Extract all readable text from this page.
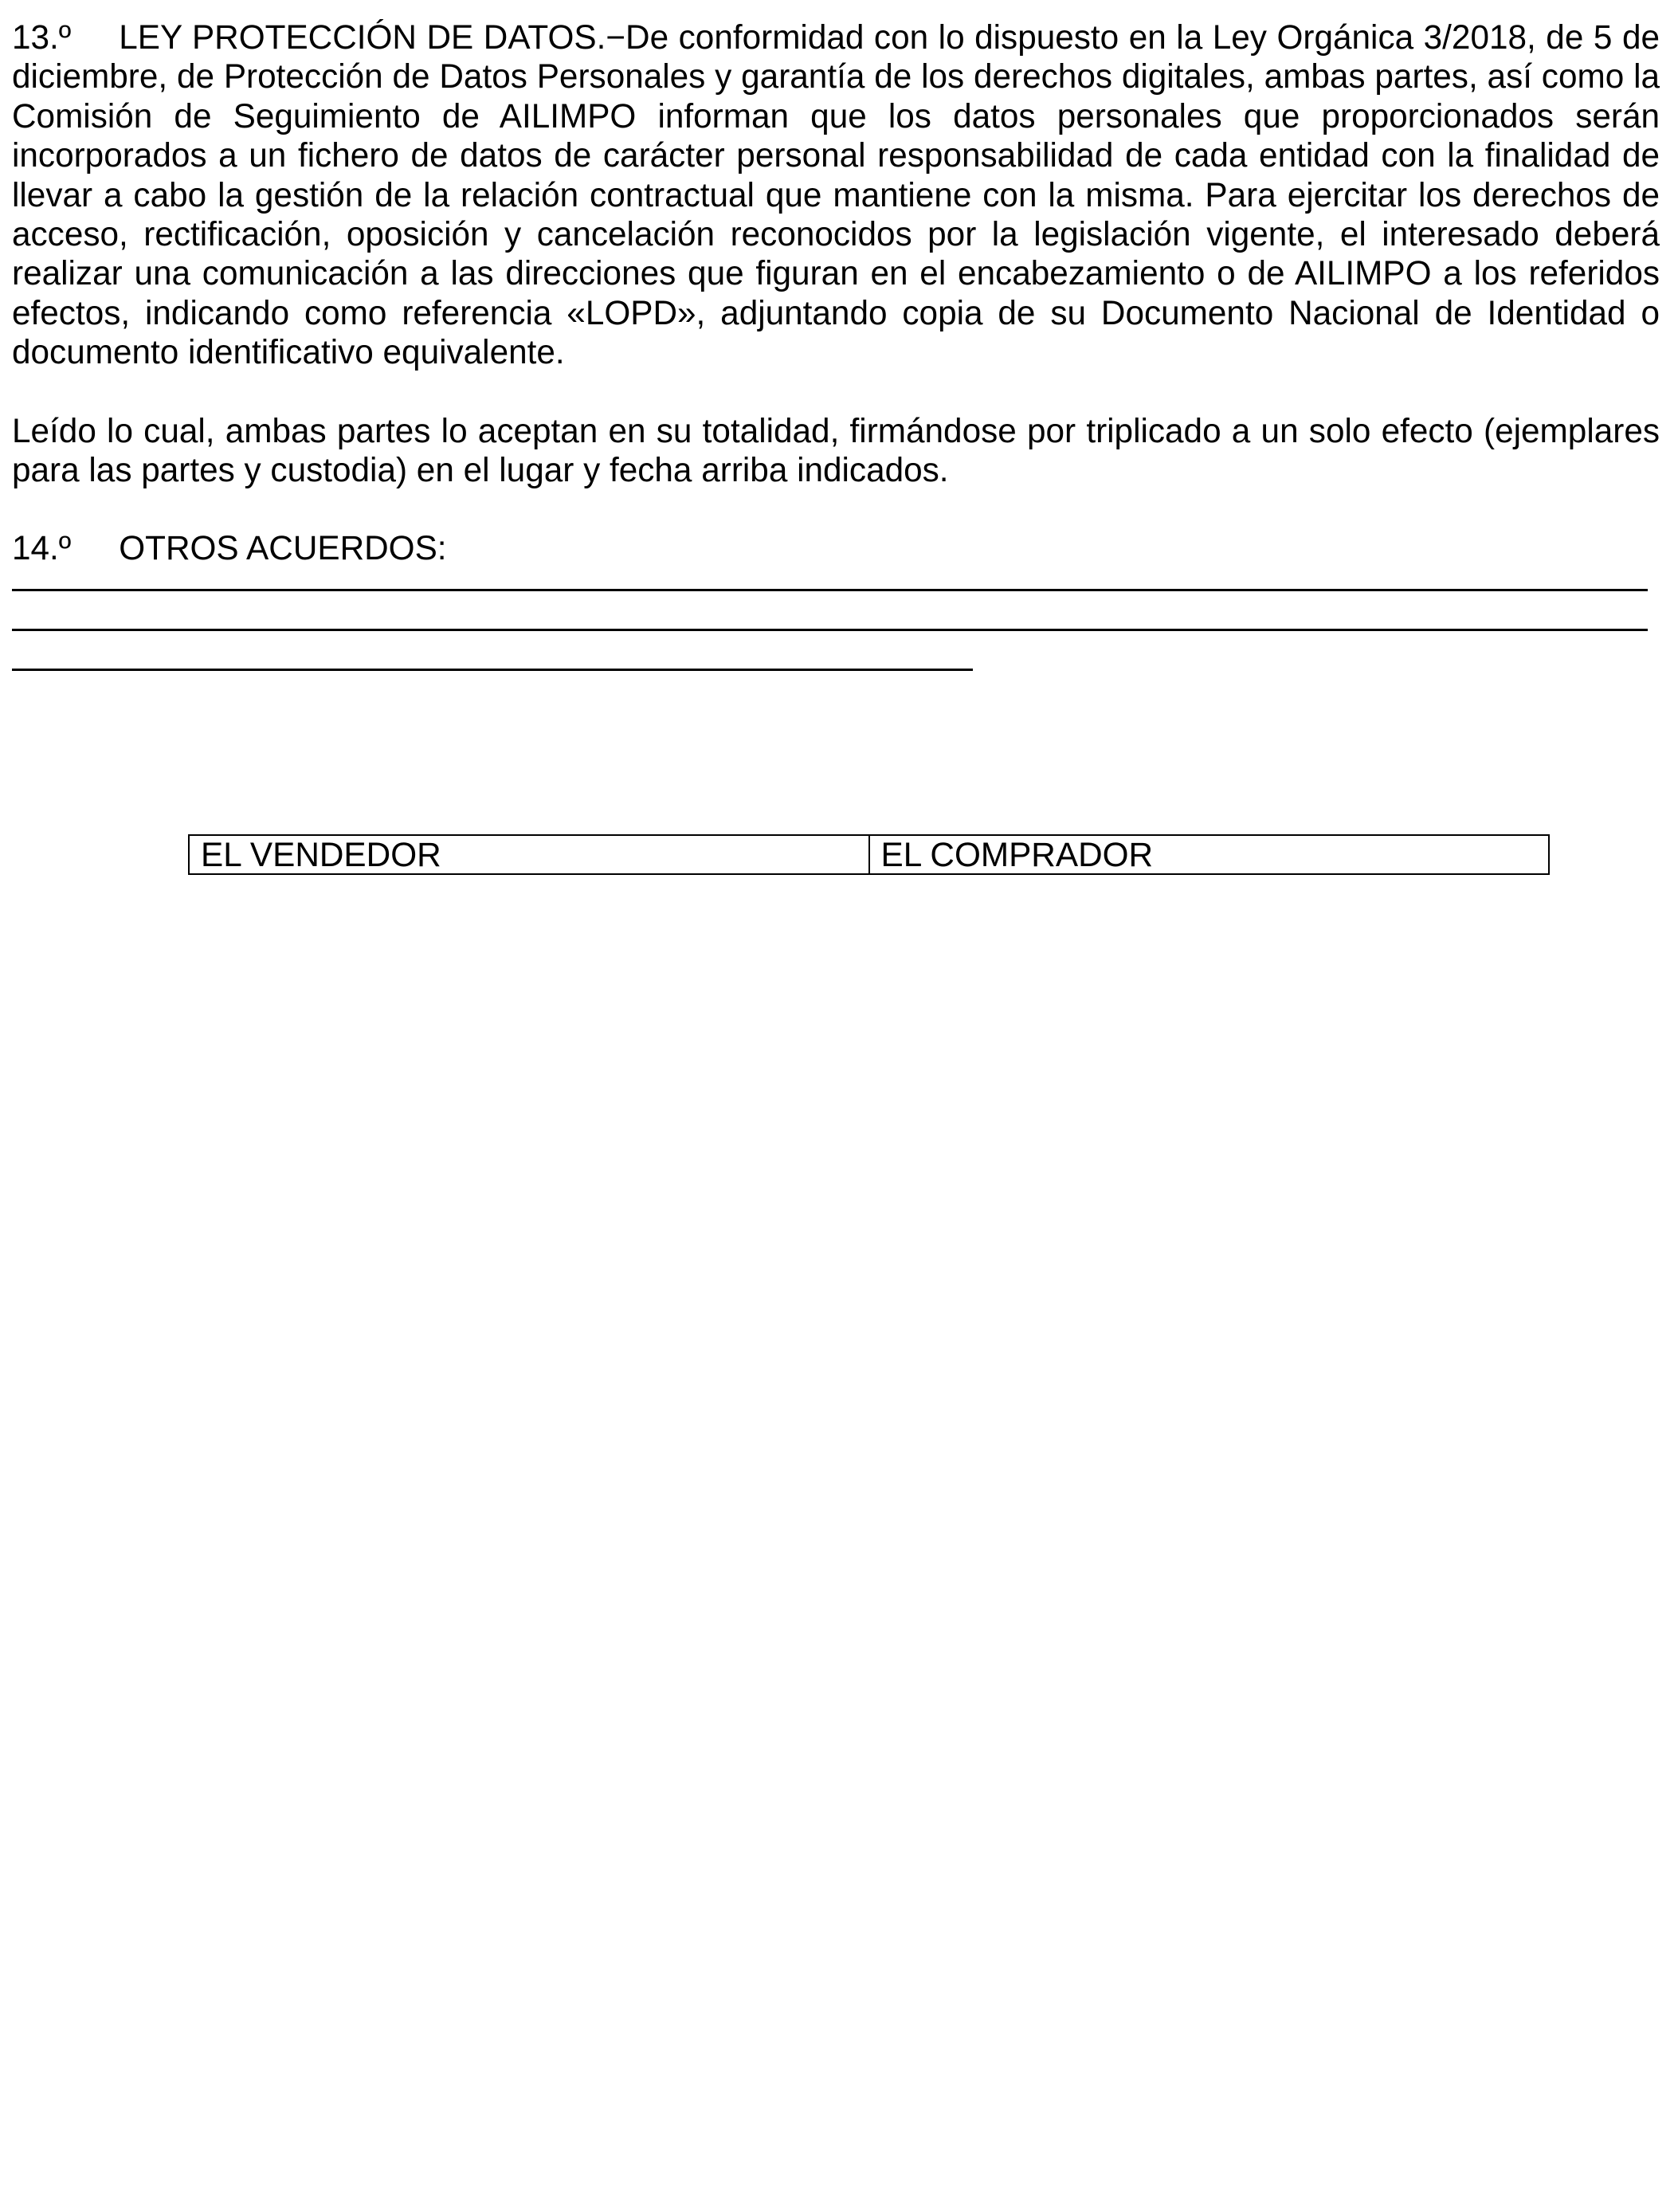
13.º LEY PROTECCIÓN DE DATOS.−De conformidad con lo dispuesto en la Ley Orgánica 3/2018, de 5 de diciembre, de Protección de Datos Personales y garantía de los derechos digitales, ambas partes, así como la Comisión de Seguimiento de AILIMPO informan que los datos personales que proporcionados serán incorporados a un fichero de datos de carácter personal responsabilidad de cada entidad con la finalidad de llevar a cabo la gestión de la relación contractual que mantiene con la misma. Para ejercitar los derechos de acceso, rectificación, oposición y cancelación reconocidos por la legislación vigente, el interesado deberá realizar una comunicación a las direcciones que figuran en el encabezamiento o de AILIMPO a los referidos efectos, indicando como referencia «LOPD», adjuntando copia de su Documento Nacional de Identidad o documento identificativo equivalente.

Leído lo cual, ambas partes lo aceptan en su totalidad, firmándose por triplicado a un solo efecto (ejemplares para las partes y custodia) en el lugar y fecha arriba indicados.

14.º OTROS ACUERDOS:

EL VENDEDOR	EL COMPRADOR
